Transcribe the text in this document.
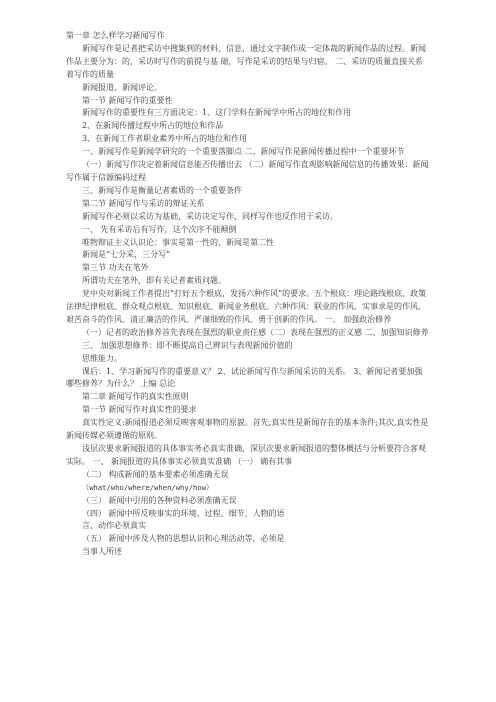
第一章 怎么样学习新闻写作

新闻写作是记者把采访中搜集到的材料、信息，通过文字制作成一定体裁的新闻作品的过程。新闻作品主要分为：的，采访时写作的前提与基 础，写作是采访的结果与归宿。 二、采访的质量直接关系着写作的质量

新闻报道、新闻评论。

第一节 新闻写作的重要性

新闻写作的重要性有三方面决定：1、这门学科在新闻学中所占的地位和作用

2、在新闻传播过程中所占的地位和作品

3、在新闻工作者职业素养中所占的地位和作用

一、新闻写作是新闻学研究的一个重要落脚点 二、新闻写作是新闻传播过程中一个重要环节

（一）新闻写作决定着新闻信息能否传播出去 （二）新闻写作直观影响新闻信息的传播效果：新闻写作属于信源编码过程

三、新闻写作是衡量记者素质的一个重要条件

第二节 新闻写作与采访的辩证关系

新闻写作必须以采访为基础，采访决定写作，同样写作也反作用于采访。

一、 先有采访后有写作，这个次序不能颠倒

唯物辩证主义认识论：事实是第一性的，新闻是第二性

新闻是“七分采，三分写”

第三节 功夫在笔外

所谓功夫在笔外，即有关记者素质问题。

党中央对新闻工作者提出“打好五个根底，发扬六种作风”的要求。五个根底：理论路线根底、政策法律纪律根底、群众观点根底、知识根底、新闻业务根底。六种作风：联业的作风、实事求是的作风、艰苦奋斗的作风、清正廉洁的作风、严谨细致的作风、勇于创新的作风。 一、 加强政治修养

（一）记者的政治修养首先表现在强烈的职业责任感（二）表现在强烈的正义感 二、加强知识修养

三、 加强思想修养：即不断提高自己辨识与表现新闻价值的

思维能力。

课后：1、学习新闻写作的重要意义？ 2、试论新闻写作与新闻采访的关系。 3、新闻记者要加强哪些修养？为什么？ 上编 总论

第二章 新闻写作的真实性原则

第一节 新闻写作对真实性的要求

真实性定义:新闻报道必须反映客观事物的原貌。首先,真实性是新闻存在的基本条件;其次,真实性是新闻传媒必须遵循的原则。

浅层次要求新闻报道的具体事实务必真实准确，深层次要求新闻报道的整体概括与分析要符合客观实际。 一、 新闻报道的具体事实必须真实准确 （一） 确有其事

（二） 构成新闻的基本要素必须准确无误

（what/who/where/when/why/how）

（三） 新闻中引用的各种资料必须准确无误

（四） 新闻中所反映事实的环境、过程、细节、人物的语

言、动作必须真实

（五） 新闻中涉及人物的思想认识和心理活动等，必须是

当事人所述
